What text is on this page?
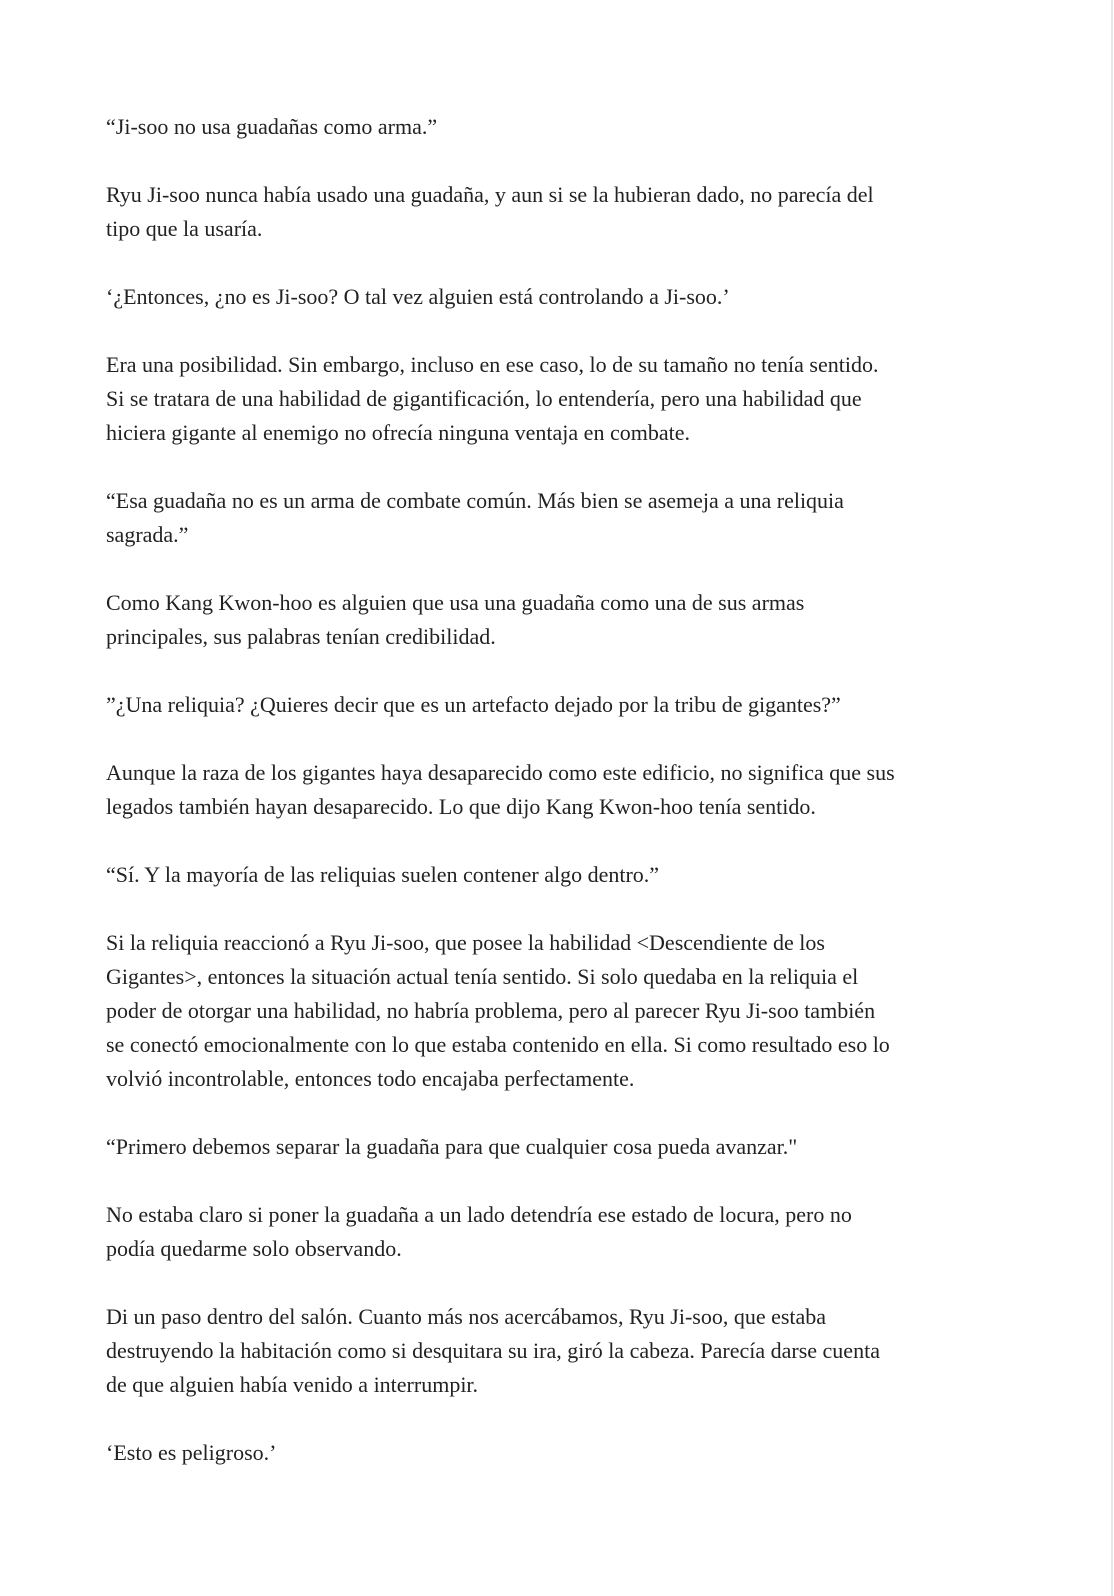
“Ji-soo no usa guadañas como arma.”

Ryu Ji-soo nunca había usado una guadaña, y aun si se la hubieran dado, no parecía del
tipo que la usaría.

‘¿Entonces, ¿no es Ji-soo? O tal vez alguien está controlando a Ji-soo.’

Era una posibilidad. Sin embargo, incluso en ese caso, lo de su tamaño no tenía sentido.
Si se tratara de una habilidad de gigantificación, lo entendería, pero una habilidad que
hiciera gigante al enemigo no ofrecía ninguna ventaja en combate.

“Esa guadaña no es un arma de combate común. Más bien se asemeja a una reliquia
sagrada.”

Como Kang Kwon-hoo es alguien que usa una guadaña como una de sus armas
principales, sus palabras tenían credibilidad.

”¿Una reliquia? ¿Quieres decir que es un artefacto dejado por la tribu de gigantes?”

Aunque la raza de los gigantes haya desaparecido como este edificio, no significa que sus
legados también hayan desaparecido. Lo que dijo Kang Kwon-hoo tenía sentido.

“Sí. Y la mayoría de las reliquias suelen contener algo dentro.”

Si la reliquia reaccionó a Ryu Ji-soo, que posee la habilidad <Descendiente de los
Gigantes>, entonces la situación actual tenía sentido. Si solo quedaba en la reliquia el
poder de otorgar una habilidad, no habría problema, pero al parecer Ryu Ji-soo también
se conectó emocionalmente con lo que estaba contenido en ella. Si como resultado eso lo
volvió incontrolable, entonces todo encajaba perfectamente.

“Primero debemos separar la guadaña para que cualquier cosa pueda avanzar."

No estaba claro si poner la guadaña a un lado detendría ese estado de locura, pero no
podía quedarme solo observando.

Di un paso dentro del salón. Cuanto más nos acercábamos, Ryu Ji-soo, que estaba
destruyendo la habitación como si desquitara su ira, giró la cabeza. Parecía darse cuenta
de que alguien había venido a interrumpir.

‘Esto es peligroso.’
